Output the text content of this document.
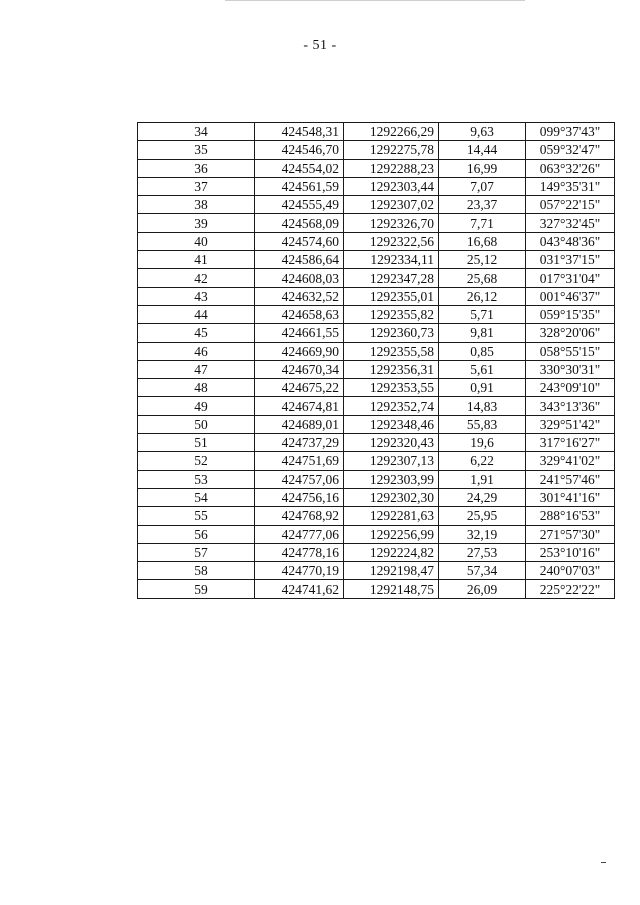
- 51 -
34	424548,31	1292266,29	9,63	099°37'43"
35	424546,70	1292275,78	14,44	059°32'47"
36	424554,02	1292288,23	16,99	063°32'26"
37	424561,59	1292303,44	7,07	149°35'31"
38	424555,49	1292307,02	23,37	057°22'15"
39	424568,09	1292326,70	7,71	327°32'45"
40	424574,60	1292322,56	16,68	043°48'36"
41	424586,64	1292334,11	25,12	031°37'15"
42	424608,03	1292347,28	25,68	017°31'04"
43	424632,52	1292355,01	26,12	001°46'37"
44	424658,63	1292355,82	5,71	059°15'35"
45	424661,55	1292360,73	9,81	328°20'06"
46	424669,90	1292355,58	0,85	058°55'15"
47	424670,34	1292356,31	5,61	330°30'31"
48	424675,22	1292353,55	0,91	243°09'10"
49	424674,81	1292352,74	14,83	343°13'36"
50	424689,01	1292348,46	55,83	329°51'42"
51	424737,29	1292320,43	19,6	317°16'27"
52	424751,69	1292307,13	6,22	329°41'02"
53	424757,06	1292303,99	1,91	241°57'46"
54	424756,16	1292302,30	24,29	301°41'16"
55	424768,92	1292281,63	25,95	288°16'53"
56	424777,06	1292256,99	32,19	271°57'30"
57	424778,16	1292224,82	27,53	253°10'16"
58	424770,19	1292198,47	57,34	240°07'03"
59	424741,62	1292148,75	26,09	225°22'22"
